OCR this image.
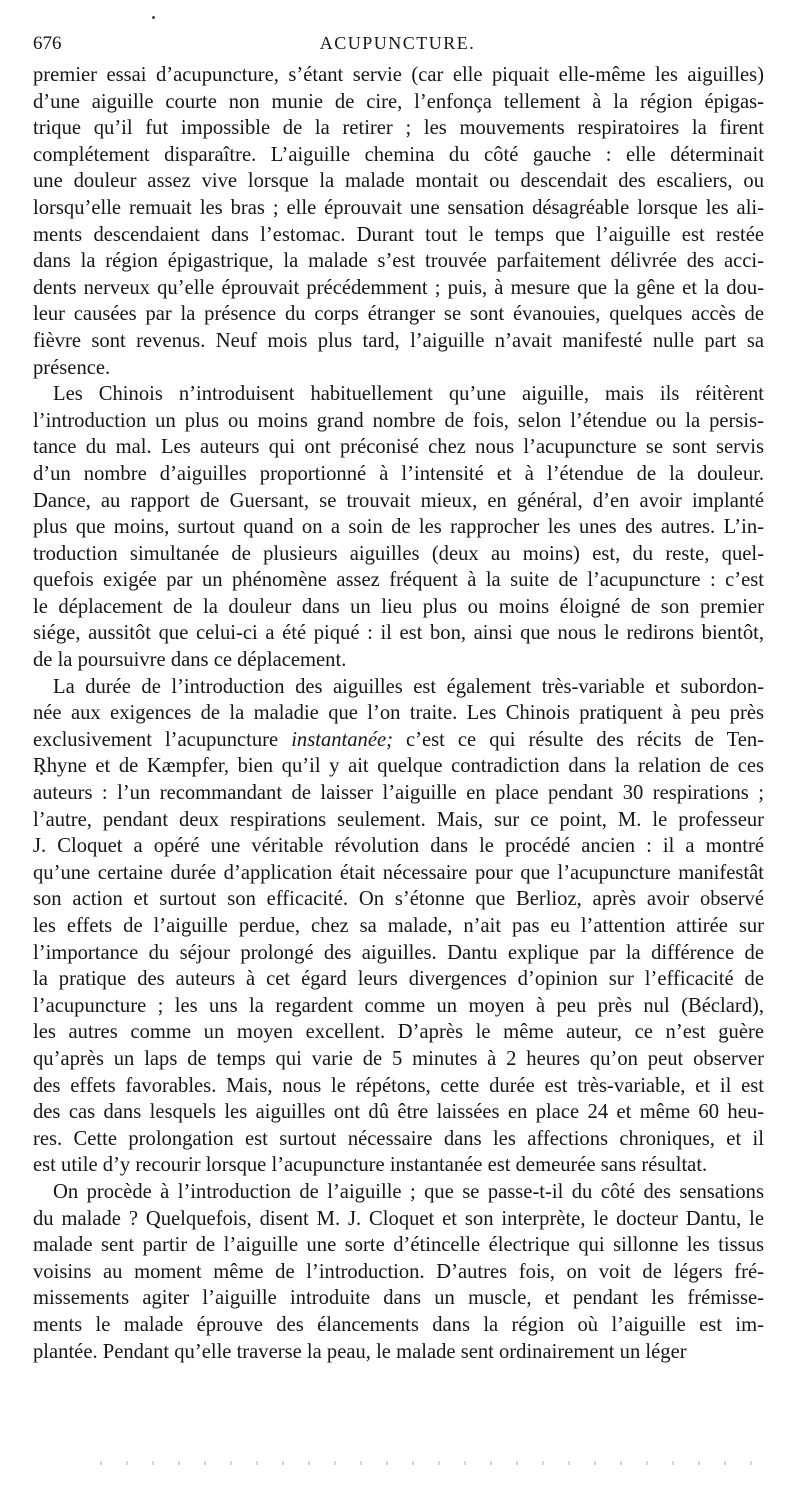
676	ACUPUNCTURE.
premier essai d’acupuncture, s’étant servie (car elle piquait elle-même les aiguilles)
d’une aiguille courte non munie de cire, l’enfonça tellement à la région épigas-
trique qu’il fut impossible de la retirer ; les mouvements respiratoires la firent
complétement disparaître. L’aiguille chemina du côté gauche : elle déterminait
une douleur assez vive lorsque la malade montait ou descendait des escaliers, ou
lorsqu’elle remuait les bras ; elle éprouvait une sensation désagréable lorsque les ali-
ments descendaient dans l’estomac. Durant tout le temps que l’aiguille est restée
dans la région épigastrique, la malade s’est trouvée parfaitement délivrée des acci-
dents nerveux qu’elle éprouvait précédemment ; puis, à mesure que la gêne et la dou-
leur causées par la présence du corps étranger se sont évanouies, quelques accès de
fièvre sont revenus. Neuf mois plus tard, l’aiguille n’avait manifesté nulle part sa
présence.
Les Chinois n’introduisent habituellement qu’une aiguille, mais ils réitèrent
l’introduction un plus ou moins grand nombre de fois, selon l’étendue ou la persis-
tance du mal. Les auteurs qui ont préconisé chez nous l’acupuncture se sont servis
d’un nombre d’aiguilles proportionné à l’intensité et à l’étendue de la douleur.
Dance, au rapport de Guersant, se trouvait mieux, en général, d’en avoir implanté
plus que moins, surtout quand on a soin de les rapprocher les unes des autres. L’in-
troduction simultanée de plusieurs aiguilles (deux au moins) est, du reste, quel-
quefois exigée par un phénomène assez fréquent à la suite de l’acupuncture : c’est
le déplacement de la douleur dans un lieu plus ou moins éloigné de son premier
siége, aussitôt que celui-ci a été piqué : il est bon, ainsi que nous le redirons bientôt,
de la poursuivre dans ce déplacement.
La durée de l’introduction des aiguilles est également très-variable et subordon-
née aux exigences de la maladie que l’on traite. Les Chinois pratiquent à peu près
exclusivement l’acupuncture instantanée; c’est ce qui résulte des récits de Ten-
Rhyne et de Kæmpfer, bien qu’il y ait quelque contradiction dans la relation de ces
auteurs : l’un recommandant de laisser l’aiguille en place pendant 30 respirations ;
l’autre, pendant deux respirations seulement. Mais, sur ce point, M. le professeur
J. Cloquet a opéré une véritable révolution dans le procédé ancien : il a montré
qu’une certaine durée d’application était nécessaire pour que l’acupuncture manifestât
son action et surtout son efficacité. On s’étonne que Berlioz, après avoir observé
les effets de l’aiguille perdue, chez sa malade, n’ait pas eu l’attention attirée sur
l’importance du séjour prolongé des aiguilles. Dantu explique par la différence de
la pratique des auteurs à cet égard leurs divergences d’opinion sur l’efficacité de
l’acupuncture ; les uns la regardent comme un moyen à peu près nul (Béclard),
les autres comme un moyen excellent. D’après le même auteur, ce n’est guère
qu’après un laps de temps qui varie de 5 minutes à 2 heures qu’on peut observer
des effets favorables. Mais, nous le répétons, cette durée est très-variable, et il est
des cas dans lesquels les aiguilles ont dû être laissées en place 24 et même 60 heu-
res. Cette prolongation est surtout nécessaire dans les affections chroniques, et il
est utile d’y recourir lorsque l’acupuncture instantanée est demeurée sans résultat.
On procède à l’introduction de l’aiguille ; que se passe-t-il du côté des sensations
du malade ? Quelquefois, disent M. J. Cloquet et son interprète, le docteur Dantu, le
malade sent partir de l’aiguille une sorte d’étincelle électrique qui sillonne les tissus
voisins au moment même de l’introduction. D’autres fois, on voit de légers fré-
missements agiter l’aiguille introduite dans un muscle, et pendant les frémisse-
ments le malade éprouve des élancements dans la région où l’aiguille est im-
plantée. Pendant qu’elle traverse la peau, le malade sent ordinairement un léger
